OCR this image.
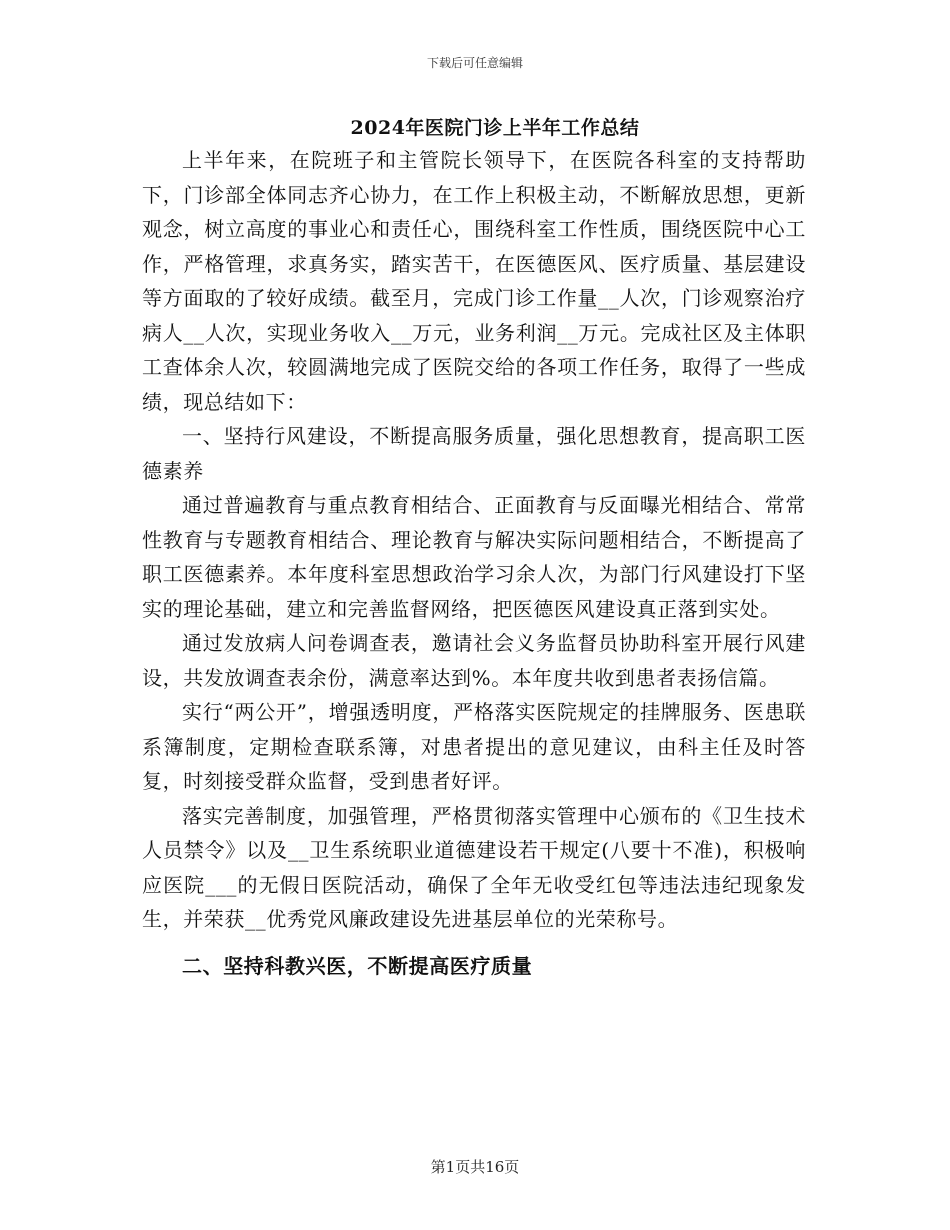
下载后可任意编辑
2024年医院门诊上半年工作总结

上半年来，在院班子和主管院长领导下，在医院各科室的支持帮助下，门诊部全体同志齐心协力，在工作上积极主动，不断解放思想，更新观念，树立高度的事业心和责任心，围绕科室工作性质，围绕医院中心工作，严格管理，求真务实，踏实苦干，在医德医风、医疗质量、基层建设等方面取的了较好成绩。截至月，完成门诊工作量__人次，门诊观察治疗病人__人次，实现业务收入__万元，业务利润__万元。完成社区及主体职工查体余人次，较圆满地完成了医院交给的各项工作任务，取得了一些成绩，现总结如下：

一、坚持行风建设，不断提高服务质量，强化思想教育，提高职工医德素养

通过普遍教育与重点教育相结合、正面教育与反面曝光相结合、常常性教育与专题教育相结合、理论教育与解决实际问题相结合，不断提高了职工医德素养。本年度科室思想政治学习余人次，为部门行风建设打下坚实的理论基础，建立和完善监督网络，把医德医风建设真正落到实处。

通过发放病人问卷调查表，邀请社会义务监督员协助科室开展行风建设，共发放调查表余份，满意率达到%。本年度共收到患者表扬信篇。

实行“两公开”，增强透明度，严格落实医院规定的挂牌服务、医患联系簿制度，定期检查联系簿，对患者提出的意见建议，由科主任及时答复，时刻接受群众监督，受到患者好评。

落实完善制度，加强管理，严格贯彻落实管理中心颁布的《卫生技术人员禁令》以及__卫生系统职业道德建设若干规定(八要十不准)，积极响应医院___的无假日医院活动，确保了全年无收受红包等违法违纪现象发生，并荣获__优秀党风廉政建设先进基层单位的光荣称号。

二、坚持科教兴医，不断提高医疗质量

第1页共16页
